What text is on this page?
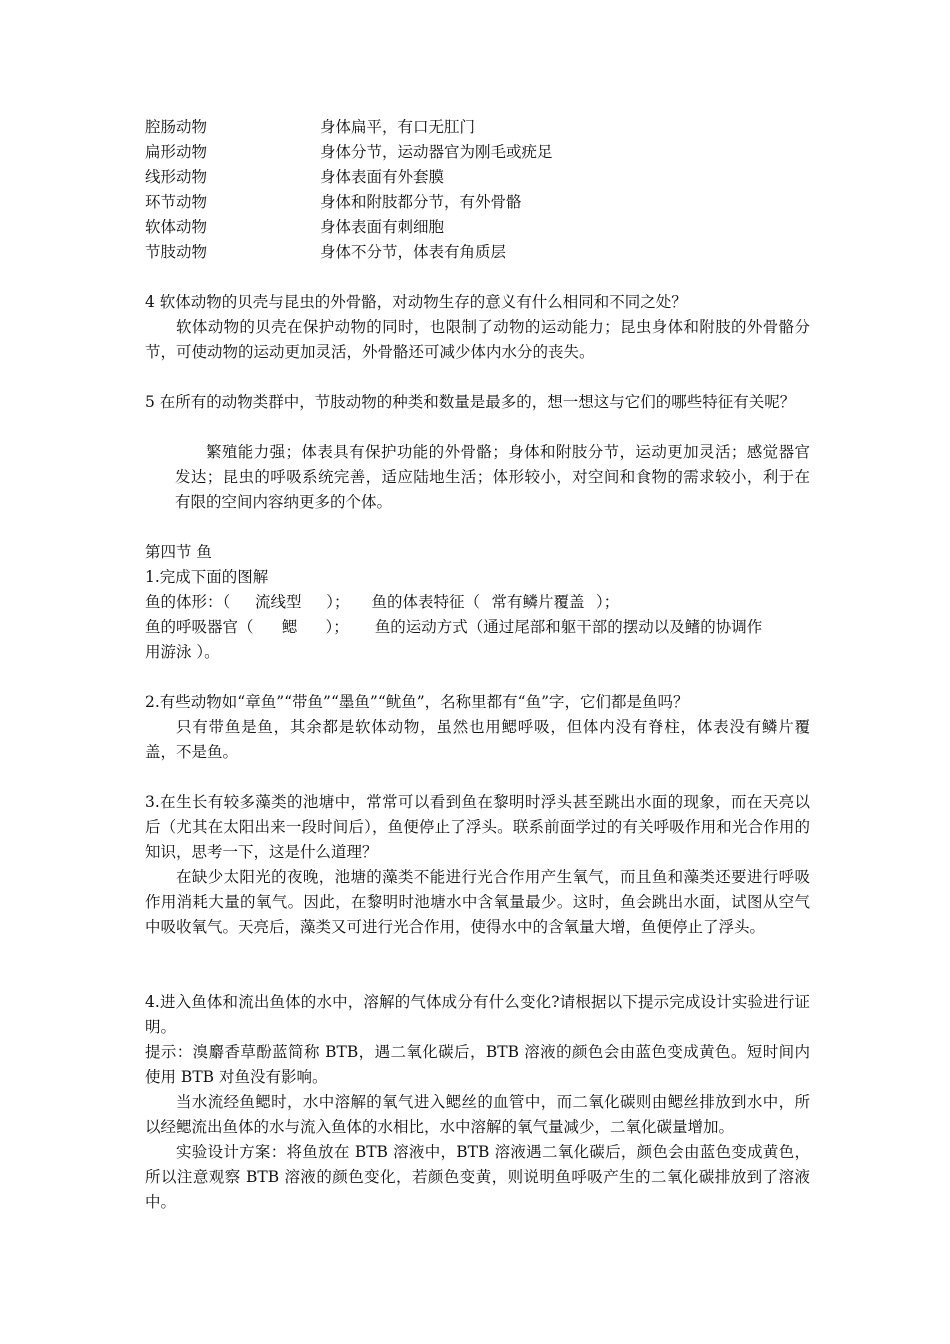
腔肠动物	身体扁平，有口无肛门
扁形动物	身体分节，运动器官为刚毛或疣足
线形动物	身体表面有外套膜
环节动物	身体和附肢都分节，有外骨骼
软体动物	身体表面有刺细胞
节肢动物	身体不分节，体表有角质层
4 软体动物的贝壳与昆虫的外骨骼，对动物生存的意义有什么相同和不同之处？
软体动物的贝壳在保护动物的同时，也限制了动物的运动能力；昆虫身体和附肢的外骨骼分节，可使动物的运动更加灵活，外骨骼还可减少体内水分的丧失。
5 在所有的动物类群中，节肢动物的种类和数量是最多的，想一想这与它们的哪些特征有关呢？
繁殖能力强；体表具有保护功能的外骨骼；身体和附肢分节，运动更加灵活；感觉器官发达；昆虫的呼吸系统完善，适应陆地生活；体形较小，对空间和食物的需求较小，利于在有限的空间内容纳更多的个体。
第四节 鱼
1.完成下面的图解
鱼的体形：（ 流线型 ）； 鱼的体表特征（ 常有鳞片覆盖 ）；
鱼的呼吸器官（ 鳃 ）； 鱼的运动方式（通过尾部和躯干部的摆动以及鳍的协调作
用游泳 ）。
2.有些动物如“章鱼”“带鱼”“墨鱼”“鱿鱼”，名称里都有“鱼”字，它们都是鱼吗？
只有带鱼是鱼，其余都是软体动物，虽然也用鳃呼吸，但体内没有脊柱，体表没有鳞片覆盖，不是鱼。
3.在生长有较多藻类的池塘中，常常可以看到鱼在黎明时浮头甚至跳出水面的现象，而在天亮以后（尤其在太阳出来一段时间后），鱼便停止了浮头。联系前面学过的有关呼吸作用和光合作用的知识，思考一下，这是什么道理？
在缺少太阳光的夜晚，池塘的藻类不能进行光合作用产生氧气，而且鱼和藻类还要进行呼吸作用消耗大量的氧气。因此，在黎明时池塘水中含氧量最少。这时，鱼会跳出水面，试图从空气中吸收氧气。天亮后，藻类又可进行光合作用，使得水中的含氧量大增，鱼便停止了浮头。
4.进入鱼体和流出鱼体的水中，溶解的气体成分有什么变化?请根据以下提示完成设计实验进行证明。
提示：溴麝香草酚蓝简称 BTB，遇二氧化碳后，BTB 溶液的颜色会由蓝色变成黄色。短时间内使用 BTB 对鱼没有影响。
当水流经鱼鳃时，水中溶解的氧气进入鳃丝的血管中，而二氧化碳则由鳃丝排放到水中，所以经鳃流出鱼体的水与流入鱼体的水相比，水中溶解的氧气量减少，二氧化碳量增加。
实验设计方案：将鱼放在 BTB 溶液中，BTB 溶液遇二氧化碳后，颜色会由蓝色变成黄色，所以注意观察 BTB 溶液的颜色变化，若颜色变黄，则说明鱼呼吸产生的二氧化碳排放到了溶液中。
